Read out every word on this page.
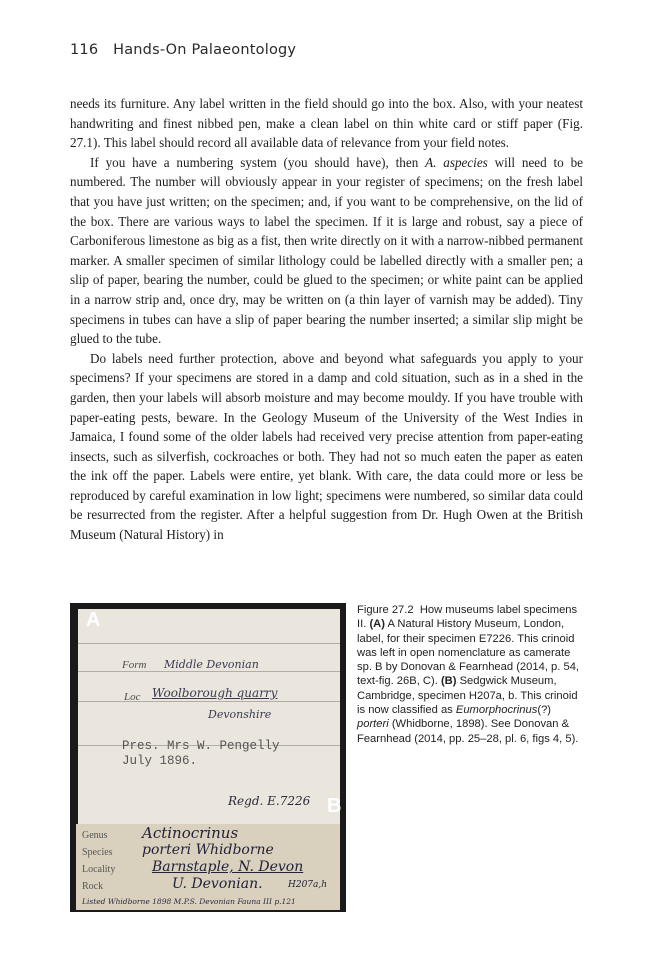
116 Hands-On Palaeontology

needs its furniture. Any label written in the field should go into the box. Also, with your neatest handwriting and finest nibbed pen, make a clean label on thin white card or stiff paper (Fig. 27.1). This label should record all available data of relevance from your field notes.

If you have a numbering system (you should have), then A. aspecies will need to be numbered. The number will obviously appear in your register of specimens; on the fresh label that you have just written; on the specimen; and, if you want to be comprehensive, on the lid of the box. There are various ways to label the specimen. If it is large and robust, say a piece of Carboniferous limestone as big as a fist, then write directly on it with a narrow-nibbed permanent marker. A smaller specimen of similar lithology could be labelled directly with a smaller pen; a slip of paper, bearing the number, could be glued to the specimen; or white paint can be applied in a narrow strip and, once dry, may be written on (a thin layer of varnish may be added). Tiny specimens in tubes can have a slip of paper bearing the number inserted; a similar slip might be glued to the tube.

Do labels need further protection, above and beyond what safeguards you apply to your specimens? If your specimens are stored in a damp and cold situation, such as in a shed in the garden, then your labels will absorb moisture and may become mouldy. If you have trouble with paper-eating pests, beware. In the Geology Museum of the University of the West Indies in Jamaica, I found some of the older labels had received very precise attention from paper-eating insects, such as silverfish, cockroaches or both. They had not so much eaten the paper as eaten the ink off the paper. Labels were entire, yet blank. With care, the data could more or less be reproduced by careful examination in low light; specimens were numbered, so similar data could be resurrected from the register. After a helpful suggestion from Dr. Hugh Owen at the British Museum (Natural History) in

Form Middle Devonian
Loc Woolborough quarry
Devonshire
Pres. Mrs W. Pengelly
July 1896.
Regd. E.7226
A
Genus Actinocrinus
Species porteri Whidborne
Locality	Barnstaple, N. Devon
Rock	U. Devonian.	H207a,h
Listed Whidborne 1898 M.P.S. Devonian Fauna III p.121
B
Figure 27.2 How museums label specimens II. (A) A Natural History Museum, London, label, for their specimen E7226. This crinoid was left in open nomenclature as camerate sp. B by Donovan & Fearnhead (2014, p. 54, text-fig. 26B, C). (B) Sedgwick Museum, Cambridge, specimen H207a, b. This crinoid is now classified as Eumorphocrinus(?) porteri (Whidborne, 1898). See Donovan & Fearnhead (2014, pp. 25–28, pl. 6, figs 4, 5).
